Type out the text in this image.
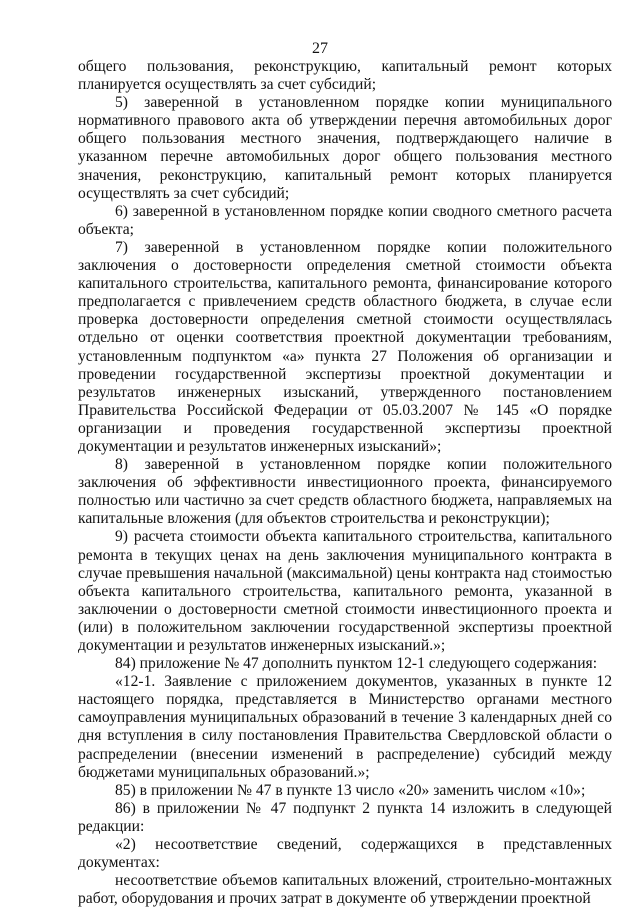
27

общего пользования, реконструкцию, капитальный ремонт которых планируется осуществлять за счет субсидий;

5) заверенной в установленном порядке копии муниципального нормативного правового акта об утверждении перечня автомобильных дорог общего пользования местного значения, подтверждающего наличие в указанном перечне автомобильных дорог общего пользования местного значения, реконструкцию, капитальный ремонт которых планируется осуществлять за счет субсидий;

6) заверенной в установленном порядке копии сводного сметного расчета объекта;

7) заверенной в установленном порядке копии положительного заключения о достоверности определения сметной стоимости объекта капитального строительства, капитального ремонта, финансирование которого предполагается с привлечением средств областного бюджета, в случае если проверка достоверности определения сметной стоимости осуществлялась отдельно от оценки соответствия проектной документации требованиям, установленным подпунктом «а» пункта 27 Положения об организации и проведении государственной экспертизы проектной документации и результатов инженерных изысканий, утвержденного постановлением Правительства Российской Федерации от 05.03.2007 № 145 «О порядке организации и проведения государственной экспертизы проектной документации и результатов инженерных изысканий»;

8) заверенной в установленном порядке копии положительного заключения об эффективности инвестиционного проекта, финансируемого полностью или частично за счет средств областного бюджета, направляемых на капитальные вложения (для объектов строительства и реконструкции);

9) расчета стоимости объекта капитального строительства, капитального ремонта в текущих ценах на день заключения муниципального контракта в случае превышения начальной (максимальной) цены контракта над стоимостью объекта капитального строительства, капитального ремонта, указанной в заключении о достоверности сметной стоимости инвестиционного проекта и (или) в положительном заключении государственной экспертизы проектной документации и результатов инженерных изысканий.»;

84) приложение № 47 дополнить пунктом 12-1 следующего содержания:

«12-1. Заявление с приложением документов, указанных в пункте 12 настоящего порядка, представляется в Министерство органами местного самоуправления муниципальных образований в течение 3 календарных дней со дня вступления в силу постановления Правительства Свердловской области о распределении (внесении изменений в распределение) субсидий между бюджетами муниципальных образований.»;

85) в приложении № 47 в пункте 13 число «20» заменить числом «10»;

86) в приложении № 47 подпункт 2 пункта 14 изложить в следующей редакции:

«2) несоответствие сведений, содержащихся в представленных документах:

несоответствие объемов капитальных вложений, строительно-монтажных работ, оборудования и прочих затрат в документе об утверждении проектной
